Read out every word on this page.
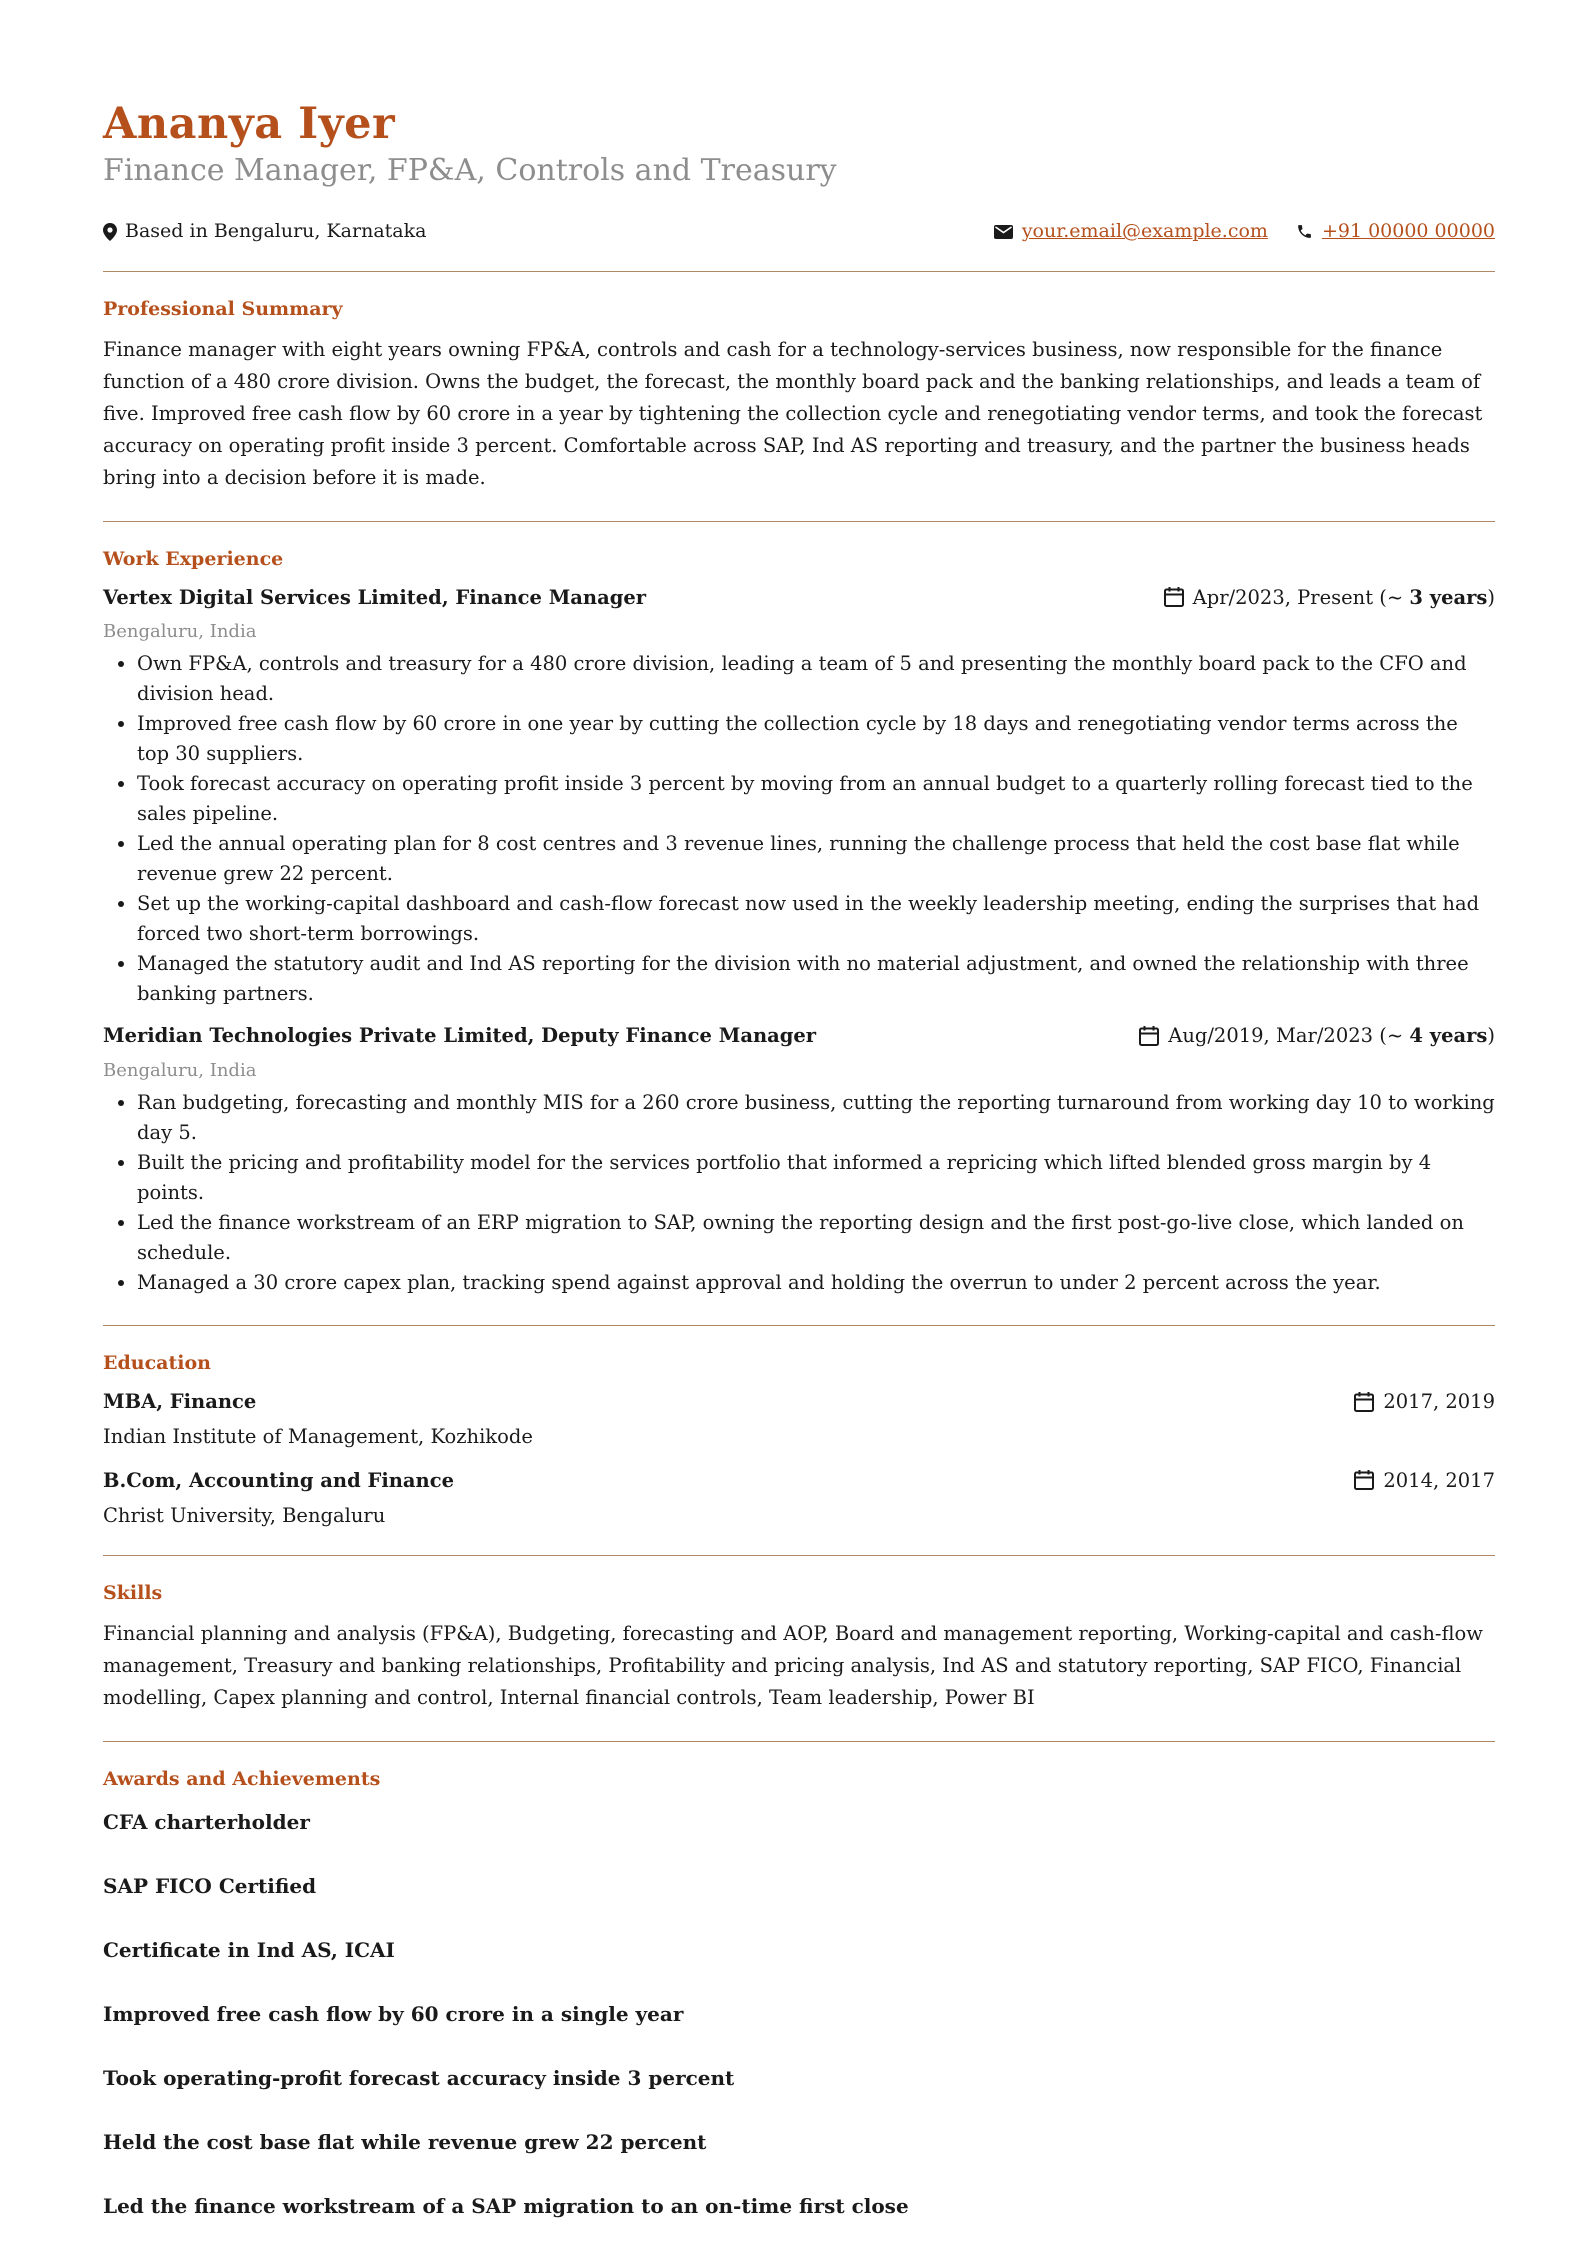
Ananya Iyer
Finance Manager, FP&A, Controls and Treasury
Based in Bengaluru, Karnataka	your.email@example.com	+91 00000 00000
Professional Summary

Finance manager with eight years owning FP&A, controls and cash for a technology-services business, now responsible for the finance function of a 480 crore division. Owns the budget, the forecast, the monthly board pack and the banking relationships, and leads a team of five. Improved free cash flow by 60 crore in a year by tightening the collection cycle and renegotiating vendor terms, and took the forecast accuracy on operating profit inside 3 percent. Comfortable across SAP, Ind AS reporting and treasury, and the partner the business heads bring into a decision before it is made.

Work Experience
Vertex Digital Services Limited, Finance Manager	Apr/2023, Present (~ 3 years)
Bengaluru, India
• Own FP&A, controls and treasury for a 480 crore division, leading a team of 5 and presenting the monthly board pack to the CFO and division head.
• Improved free cash flow by 60 crore in one year by cutting the collection cycle by 18 days and renegotiating vendor terms across the top 30 suppliers.
• Took forecast accuracy on operating profit inside 3 percent by moving from an annual budget to a quarterly rolling forecast tied to the sales pipeline.
• Led the annual operating plan for 8 cost centres and 3 revenue lines, running the challenge process that held the cost base flat while revenue grew 22 percent.
• Set up the working-capital dashboard and cash-flow forecast now used in the weekly leadership meeting, ending the surprises that had forced two short-term borrowings.
• Managed the statutory audit and Ind AS reporting for the division with no material adjustment, and owned the relationship with three banking partners.
Meridian Technologies Private Limited, Deputy Finance Manager	Aug/2019, Mar/2023 (~ 4 years)
Bengaluru, India
• Ran budgeting, forecasting and monthly MIS for a 260 crore business, cutting the reporting turnaround from working day 10 to working day 5.
• Built the pricing and profitability model for the services portfolio that informed a repricing which lifted blended gross margin by 4 points.
• Led the finance workstream of an ERP migration to SAP, owning the reporting design and the first post-go-live close, which landed on schedule.
• Managed a 30 crore capex plan, tracking spend against approval and holding the overrun to under 2 percent across the year.
Education
MBA, Finance	2017, 2019
Indian Institute of Management, Kozhikode
B.Com, Accounting and Finance	2014, 2017
Christ University, Bengaluru
Skills

Financial planning and analysis (FP&A), Budgeting, forecasting and AOP, Board and management reporting, Working-capital and cash-flow management, Treasury and banking relationships, Profitability and pricing analysis, Ind AS and statutory reporting, SAP FICO, Financial modelling, Capex planning and control, Internal financial controls, Team leadership, Power BI

Awards and Achievements

CFA charterholder

SAP FICO Certified

Certificate in Ind AS, ICAI

Improved free cash flow by 60 crore in a single year

Took operating-profit forecast accuracy inside 3 percent

Held the cost base flat while revenue grew 22 percent

Led the finance workstream of a SAP migration to an on-time first close
